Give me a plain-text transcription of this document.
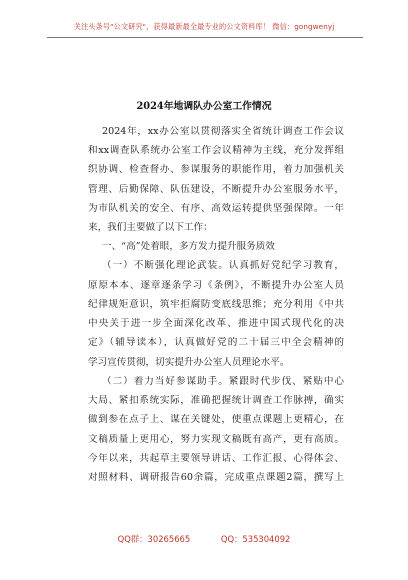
关注头条号"公文研究"，获得最新最全最专业的公文资料库！ 微信：gongwenyj
2024年地调队办公室工作情况
2024年，xx办公室以贯彻落实全省统计调查工作会议
和xx调查队系统办公室工作会议精神为主线，充分发挥组
织协调、检查督办、参谋服务的职能作用，着力加强机关
管理、后勤保障、队伍建设，不断提升办公室服务水平，
为市队机关的安全、有序、高效运转提供坚强保障。一年
来，我们主要做了以下工作：
一、“高”处着眼，多方发力提升服务质效
（一）不断强化理论武装。认真抓好党纪学习教育，
原原本本、逐章逐条学习《条例》，不断提升办公室人员
纪律规矩意识，筑牢拒腐防变底线思维；充分利用《中共
中央关于进一步全面深化改革、推进中国式现代化的决
定》（辅导读本），认真做好党的二十届三中全会精神的
学习宣传贯彻，切实提升办公室人员理论水平。
（二）着力当好参谋助手。紧跟时代步伐、紧贴中心
大局、紧扣系统实际，准确把握统计调查工作脉搏，确实
做到参在点子上、谋在关键处，使重点课题上更精心，在
文稿质量上更用心，努力实现文稿既有高产，更有高质。
今年以来，共起草主要领导讲话、工作汇报、心得体会、
对照材料、调研报告60余篇，完成重点课题2篇，撰写上
QQ群：30265665	QQ：535304092
